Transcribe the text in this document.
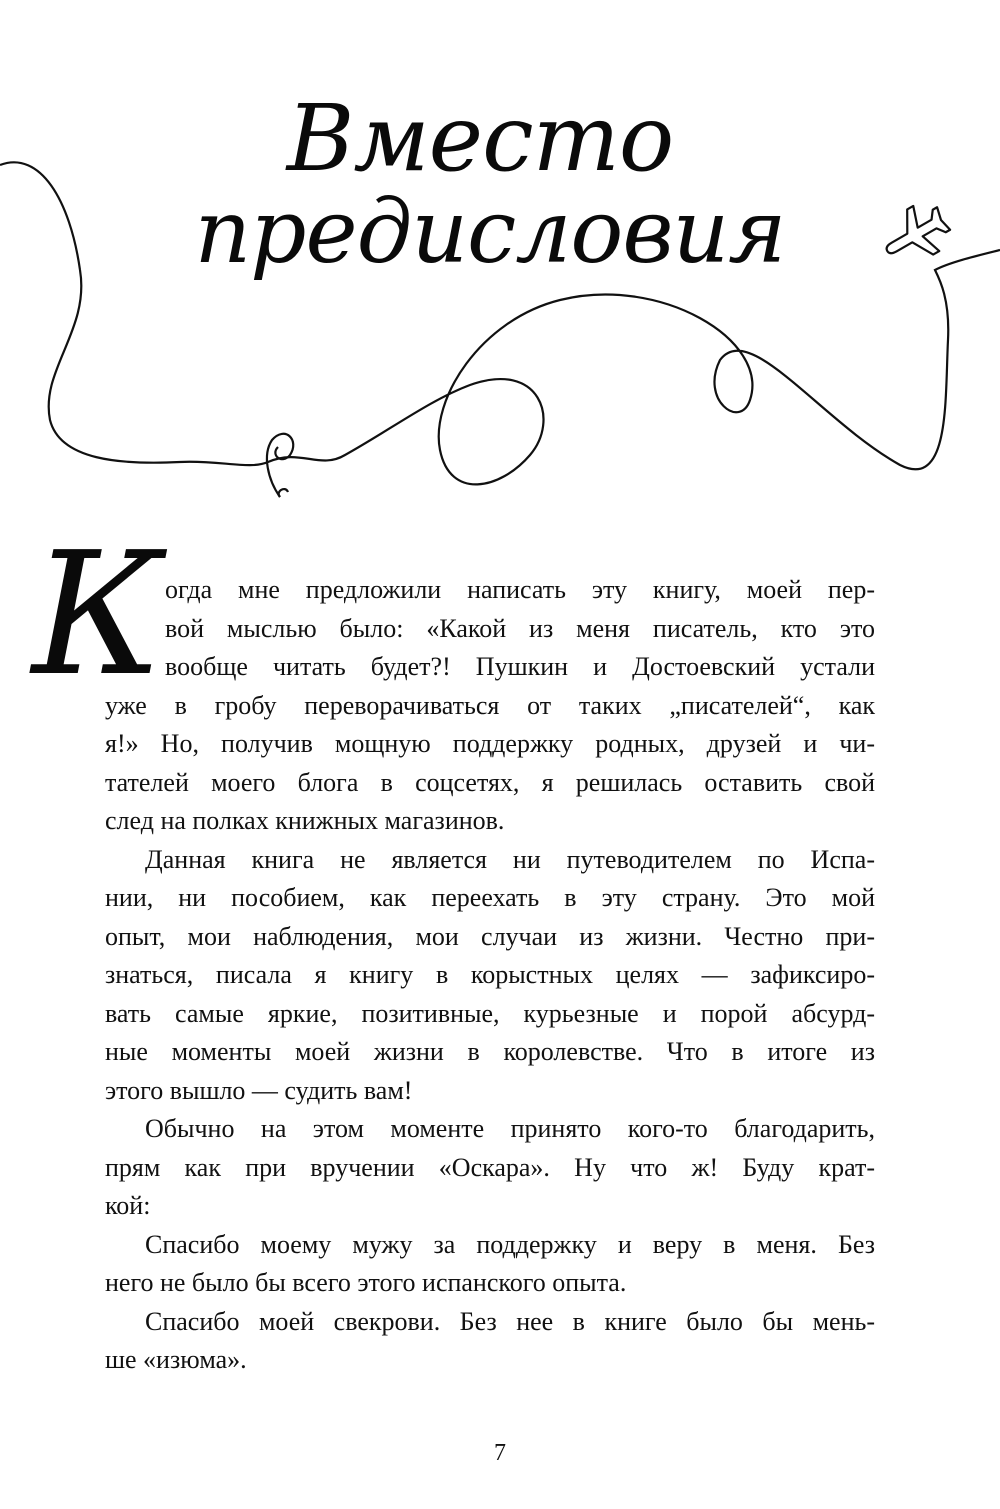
Вместо
предисловия
К огда мне предложили написать эту книгу, моей пер-
вой мыслью было: «Какой из меня писатель, кто это
вообще читать будет?! Пушкин и Достоевский устали
уже в гробу переворачиваться от таких „писателей“, как
я!» Но, получив мощную поддержку родных, друзей и чи-
тателей моего блога в соцсетях, я решилась оставить свой
след на полках книжных магазинов.
Данная книга не является ни путеводителем по Испа-
нии, ни пособием, как переехать в эту страну. Это мой
опыт, мои наблюдения, мои случаи из жизни. Честно при-
знаться, писала я книгу в корыстных целях — зафиксиро-
вать самые яркие, позитивные, курьезные и порой абсурд-
ные моменты моей жизни в королевстве. Что в итоге из
этого вышло — судить вам!
Обычно на этом моменте принято кого-то благодарить,
прям как при вручении «Оскара». Ну что ж! Буду крат-
кой:
Спасибо моему мужу за поддержку и веру в меня. Без
него не было бы всего этого испанского опыта.
Спасибо моей свекрови. Без нее в книге было бы мень-
ше «изюма».
7
